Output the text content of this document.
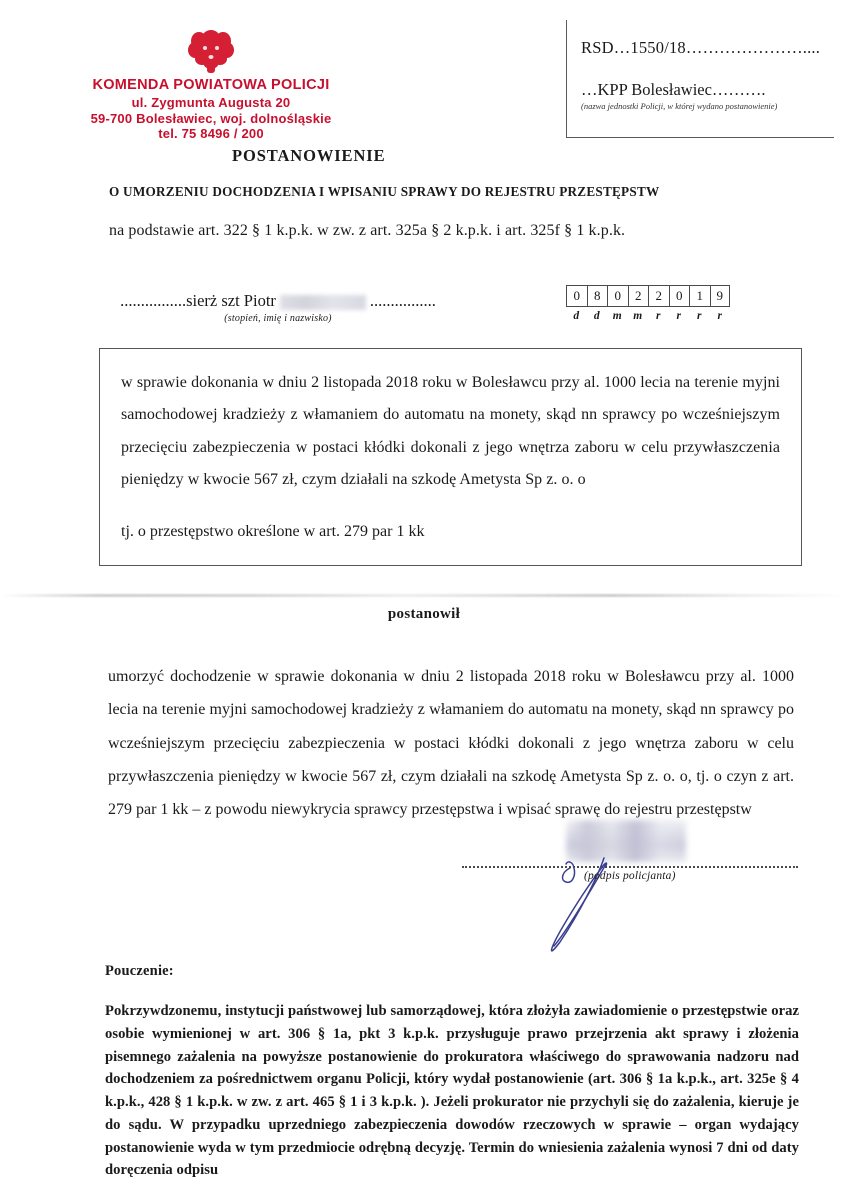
KOMENDA POWIATOWA POLICJI
ul. Zygmunta Augusta 20
59-700 Bolesławiec, woj. dolnośląskie
tel. 75 8496 / 200
RSD…1550/18…………………....
…KPP Bolesławiec……….
(nazwa jednostki Policji, w której wydano postanowienie)
POSTANOWIENIE
O UMORZENIU DOCHODZENIA I WPISANIU SPRAWY DO REJESTRU PRZESTĘPSTW
na podstawie art. 322 § 1 k.p.k. w zw. z art. 325a § 2 k.p.k. i art. 325f § 1 k.p.k.
................sierż szt Piotr	................
(stopień, imię i nazwisko)
0	8	0	2	2	0	1	9
d	d	m	m	r	r	r	r
w sprawie dokonania w dniu 2 listopada 2018 roku w Bolesławcu przy al. 1000 lecia na terenie myjni samochodowej kradzieży z włamaniem do automatu na monety, skąd nn sprawcy po wcześniejszym przecięciu zabezpieczenia w postaci kłódki dokonali z jego wnętrza zaboru w celu przywłaszczenia pieniędzy w kwocie 567 zł, czym działali na szkodę Ametysta Sp z. o. o
tj. o przestępstwo określone w art. 279 par 1 kk
postanowił
umorzyć dochodzenie w sprawie dokonania w dniu 2 listopada 2018 roku w Bolesławcu przy al. 1000 lecia na terenie myjni samochodowej kradzieży z włamaniem do automatu na monety, skąd nn sprawcy po wcześniejszym przecięciu zabezpieczenia w postaci kłódki dokonali z jego wnętrza zaboru w celu przywłaszczenia pieniędzy w kwocie 567 zł, czym działali na szkodę Ametysta Sp z. o. o, tj. o czyn z art. 279 par 1 kk – z powodu niewykrycia sprawcy przestępstwa i wpisać sprawę do rejestru przestępstw
(podpis policjanta)
Pouczenie:
Pokrzywdzonemu, instytucji państwowej lub samorządowej, która złożyła zawiadomienie o przestępstwie oraz osobie wymienionej w art. 306 § 1a, pkt 3 k.p.k. przysługuje prawo przejrzenia akt sprawy i złożenia pisemnego zażalenia na powyższe postanowienie do prokuratora właściwego do sprawowania nadzoru nad dochodzeniem za pośrednictwem organu Policji, który wydał postanowienie (art. 306 § 1a k.p.k., art. 325e § 4 k.p.k., 428 § 1 k.p.k. w zw. z art. 465 § 1 i 3 k.p.k. ). Jeżeli prokurator nie przychyli się do zażalenia, kieruje je do sądu. W przypadku uprzedniego zabezpieczenia dowodów rzeczowych w sprawie – organ wydający postanowienie wyda w tym przedmiocie odrębną decyzję. Termin do wniesienia zażalenia wynosi 7 dni od daty doręczenia odpisu
